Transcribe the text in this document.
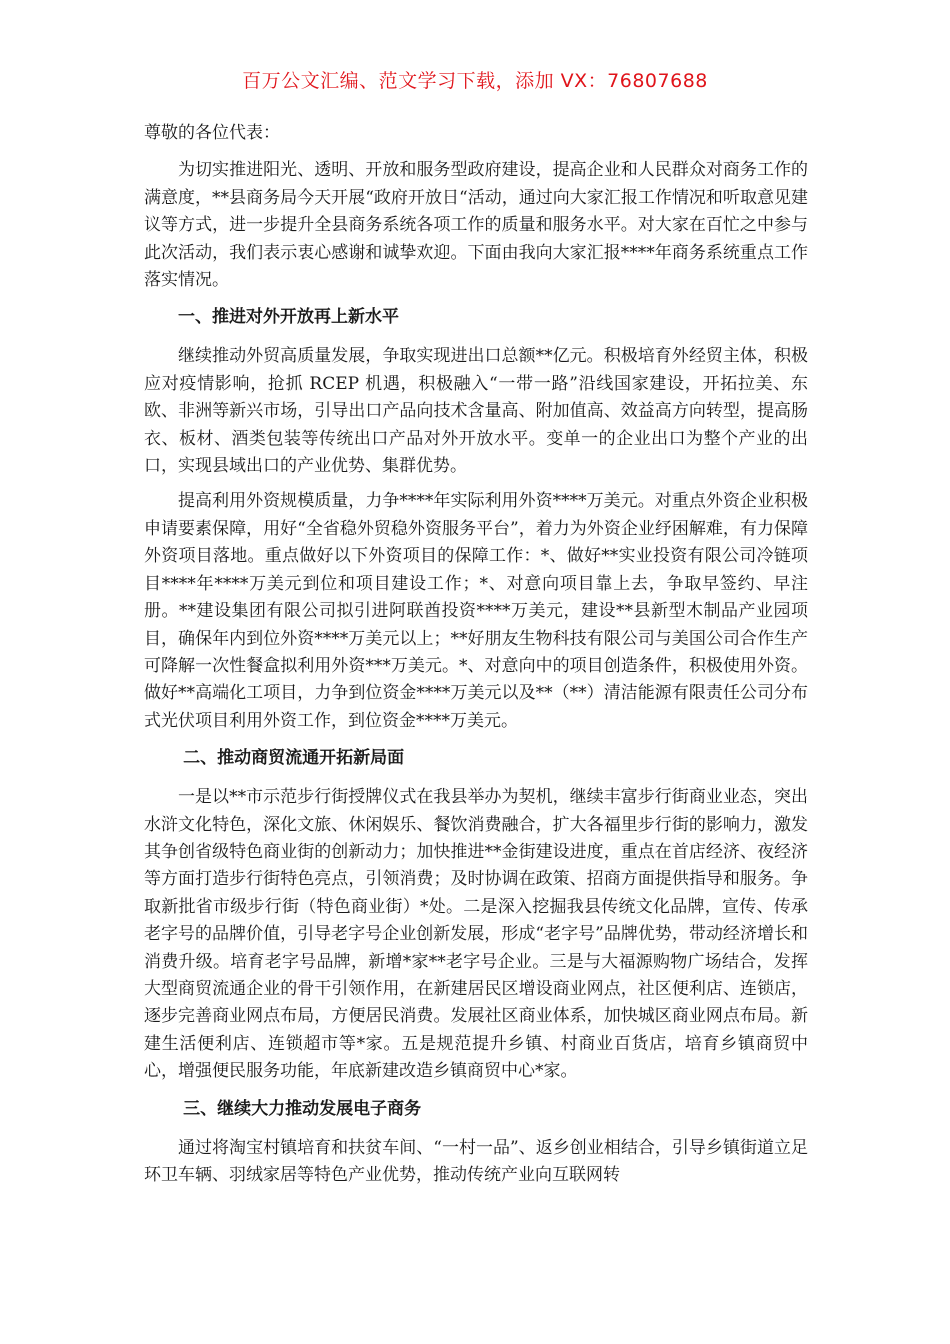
百万公文汇编、范文学习下载，添加 VX：76807688

尊敬的各位代表：

为切实推进阳光、透明、开放和服务型政府建设，提高企业和人民群众对商务工作的满意度，**县商务局今天开展“政府开放日“活动，通过向大家汇报工作情况和听取意见建议等方式，进一步提升全县商务系统各项工作的质量和服务水平。对大家在百忙之中参与此次活动，我们表示衷心感谢和诚挚欢迎。下面由我向大家汇报****年商务系统重点工作落实情况。

一、推进对外开放再上新水平

继续推动外贸高质量发展，争取实现进出口总额**亿元。积极培育外经贸主体，积极应对疫情影响，抢抓 RCEP 机遇，积极融入“一带一路”沿线国家建设，开拓拉美、东欧、非洲等新兴市场，引导出口产品向技术含量高、附加值高、效益高方向转型，提高肠衣、板材、酒类包装等传统出口产品对外开放水平。变单一的企业出口为整个产业的出口，实现县域出口的产业优势、集群优势。

提高利用外资规模质量，力争****年实际利用外资****万美元。对重点外资企业积极申请要素保障，用好“全省稳外贸稳外资服务平台”，着力为外资企业纾困解难，有力保障外资项目落地。重点做好以下外资项目的保障工作：*、做好**实业投资有限公司冷链项目****年****万美元到位和项目建设工作；*、对意向项目靠上去，争取早签约、早注册。**建设集团有限公司拟引进阿联酋投资****万美元，建设**县新型木制品产业园项目，确保年内到位外资****万美元以上；**好朋友生物科技有限公司与美国公司合作生产可降解一次性餐盒拟利用外资***万美元。*、对意向中的项目创造条件，积极使用外资。做好**高端化工项目，力争到位资金****万美元以及**（**）清洁能源有限责任公司分布式光伏项目利用外资工作，到位资金****万美元。

二、推动商贸流通开拓新局面

一是以**市示范步行街授牌仪式在我县举办为契机，继续丰富步行街商业业态，突出水浒文化特色，深化文旅、休闲娱乐、餐饮消费融合，扩大各福里步行街的影响力，激发其争创省级特色商业街的创新动力；加快推进**金街建设进度，重点在首店经济、夜经济等方面打造步行街特色亮点，引领消费；及时协调在政策、招商方面提供指导和服务。争取新批省市级步行街（特色商业街）*处。二是深入挖掘我县传统文化品牌，宣传、传承老字号的品牌价值，引导老字号企业创新发展，形成“老字号”品牌优势，带动经济增长和消费升级。培育老字号品牌，新增*家**老字号企业。三是与大福源购物广场结合，发挥大型商贸流通企业的骨干引领作用，在新建居民区增设商业网点，社区便利店、连锁店，逐步完善商业网点布局，方便居民消费。发展社区商业体系，加快城区商业网点布局。新建生活便利店、连锁超市等*家。五是规范提升乡镇、村商业百货店，培育乡镇商贸中心，增强便民服务功能，年底新建改造乡镇商贸中心*家。

三、继续大力推动发展电子商务

通过将淘宝村镇培育和扶贫车间、“一村一品”、返乡创业相结合，引导乡镇街道立足环卫车辆、羽绒家居等特色产业优势，推动传统产业向互联网转
